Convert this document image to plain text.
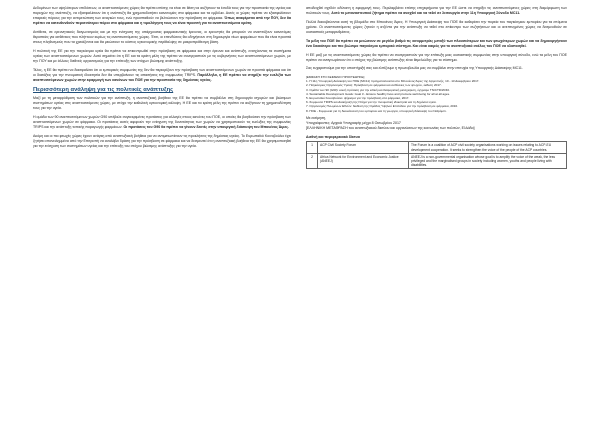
Δεδομένων των υψηλότερων επιδόσεων, οι αναπτυσσόμενες χώρες θα πρέπει επίσης να είναι σε θέση να αυξήσουν τα έσοδά τους για την προστασία της υγείας και παροχών της ανάπτυξη, να εξασφαλίσουν ότι η ανάπτυξη θα χρηματοδοτήσει καινοτομίες στα φάρμακα και τα εμβόλια. Αυτές οι χώρες πρέπει να εξασφαλίσουν επαρκείς πόρους για την αντιμετώπιση των αναγκών τους, ενώ προσπαθούν να βελτιώσουν την πρόσβαση σε φάρμακα. Όπως αναφέρεται από την ΠΟΥ, δεν θα πρέπει να κατευθυνθούν περισσότεροι πόροι στα φάρμακα και η τιμολόγηση τους να είναι προσιτή για τα αναπτυσσόμενα κράτη.

Αντίθετα, σε ερευνητικούς διαγωνισμούς και με την ενίσχυση της υπάρχουσας φαρμακευτικής έρευνας, οι ερευνητές θα μπορούν να αναπτύξουν καινοτόμες θεραπείες για ασθένειες που πλήττουν κυρίως τις αναπτυσσόμενες χώρες. Έτσι, οι επενδύσεις θα οδηγήσουν στη δημιουργία νέων φαρμάκων που θα είναι προσιτά στους πληθυσμούς που τα χρειάζονται και θα μειώσουν το κόστος υγειονομικής περίθαλψης σε μακροπρόθεσμη βάση.

Η πολιτική της ΕΕ για την παγκόσμια υγεία θα πρέπει να επικεντρωθεί στην πρόσβαση σε φάρμακα και στην έρευνα και ανάπτυξη, ενισχύοντας τα συστήματα υγείας των αναπτυσσόμενων χωρών. Αυτό σημαίνει ότι η ΕΕ και τα κράτη μέλη της πρέπει να συνεργαστούν με τις κυβερνήσεις των αναπτυσσόμενων χωρών, με την ΠΟΥ και με άλλους διεθνείς οργανισμούς για την επίτευξη των στόχων βιώσιμης ανάπτυξης.

Τέλος, η ΕΕ θα πρέπει να διασφαλίσει ότι οι εμπορικές συμφωνίες της δεν θα περιορίζουν την πρόσβαση των αναπτυσσόμενων χωρών σε προσιτά φάρμακα και ότι οι διατάξεις για την πνευματική ιδιοκτησία δεν θα υπερβαίνουν τις απαιτήσεις της συμφωνίας TRIPS. Παράλληλα, η ΕΕ πρέπει να στηρίξει την ευελιξία των αναπτυσσόμενων χωρών στην εφαρμογή των κανόνων του ΠΟΕ για την προστασία της δημόσιας υγείας.

Περισσότερη ανάληψη για τις πολιτικές ανάπτυξης

Μαζί με τη μεταρρύθμιση των πολιτικών για την ανάπτυξη, η αναπτυξιακή βοήθεια της ΕΕ θα πρέπει να συμβάλλει στη δημιουργία ισχυρών και βιώσιμων συστημάτων υγείας στις αναπτυσσόμενες χώρες, με στόχο την καθολική υγειονομική κάλυψη. Η ΕΕ και τα κράτη μέλη της πρέπει να αυξήσουν τη χρηματοδότηση τους για την υγεία.

Η ομάδα των 90 αναπτυσσόμενων χωρών G90 υπέβαλε συγκεκριμένες προτάσεις για αλλαγές στους κανόνες του ΠΟΕ, οι οποίες θα βοηθούσαν την πρόσβαση των αναπτυσσόμενων χωρών σε φάρμακα. Οι προτάσεις αυτές αφορούν την ενίσχυση της δυνατότητας των χωρών να χρησιμοποιούν τις ευελιξίες της συμφωνίας TRIPS και την ανάπτυξη τοπικής παραγωγής φαρμάκων. Οι προτάσεις του G90 θα πρέπει να γίνουν δεκτές στην υπουργική διάσκεψη του Μπουένος Άιρες.

Ακόμη και οι πιο φτωχές χώρες έχουν ανάγκη από αναπτυξιακή βοήθεια για να αντιμετωπίσουν τις προκλήσεις της δημόσιας υγείας. Το Ευρωπαϊκό Κοινοβούλιο έχει ζητήσει επανειλημμένα από την Επιτροπή να αναλάβει δράση για την πρόσβαση σε φάρμακα και να δεσμευτεί ότι η αναπτυξιακή βοήθεια της ΕΕ θα χρησιμοποιηθεί για την ενίσχυση των συστημάτων υγείας και την επίτευξη του στόχου βιώσιμης ανάπτυξης για την υγεία.

αποδειχθεί σχεδόν αδύνατη η εφαρμογή τους. Περιλαμβάνει επίσης επιχειρήματα για την ΕΕ ώστε να στηρίξει τις αναπτυσσόμενες χώρες στη διαμόρφωση των πολιτικών τους. Αυτό το μεταναστευτικό ζήτημα πρέπει να αναχθεί και να τεθεί σε λειτουργία στην 11η Υπουργική Σύνοδο MC11.

Πολλά διακυβεύονται αυτή τη βδομάδα στο Μπουένος Άιρες. Η Υπουργική Διάσκεψη του ΠΟΕ θα καθορίσει την πορεία του παγκόσμιου εμπορίου για τα επόμενα χρόνια. Οι αναπτυσσόμενες χώρες ζητούν η ατζέντα για την ανάπτυξη να τεθεί στο επίκεντρο των συζητήσεων και οι ανεπτυγμένες χώρες να δεσμευθούν σε ουσιαστικές μεταρρυθμίσεις.

Τα μέλη του ΠΟΕ θα πρέπει να μειώσουν σε μεγάλο βαθμό τις ασυμμετρίες μεταξύ των πλουσιότερων και των φτωχότερων χωρών και να δημιουργήσουν ένα δικαιότερο και πιο βιώσιμο παγκόσμιο εμπορικό σύστημα. Και είναι καιρός για το αναπτυξιακό σκέλος του ΠΟΕ να υλοποιηθεί.

Η ΕΕ μαζί με τις αναπτυσσόμενες χώρες θα πρέπει να συνεργαστούν για την επίτευξη μιας ουσιαστικής συμφωνίας στην υπουργική σύνοδο, ενώ τα μέλη του ΠΟΕ πρέπει να αναγνωρίσουν ότι ο στόχος της βιώσιμης ανάπτυξης είναι θεμελιώδης για το σύστημα.

Σας ευχαριστούμε για την υποστήριξή σας και ελπίζουμε η πρωτοβουλία μας να συμβάλει στην επιτυχία της Υπουργικής Διάσκεψης MC11.

[ΕΜΦΑΣΗ ΣΤΟ ΚΕΙΜΕΝΟ ΠΡΟΣΤΕΘΗΚΕ]
1. Η 11η Υπουργική Διάσκεψη του ΠΟΕ (MC11) πραγματοποιείται στο Μπουένος Άιρες της Αργεντινής, 10 - 13 Δεκεμβρίου 2017.
2. Παγκόσμιος Οργανισμός Υγείας: Πρόσβαση σε φάρμακα και ασθένειες των φτωχών, έκθεση 2017.
3. Ομάδα των 90 (G90): κοινή πρόταση για την ειδική και διαφορετική μεταχείριση, έγγραφο TN/CTD/W/40.
4. Sustainable Development Goals: Goal 3 - Ensure healthy lives and promote well-being for all at all ages.
5. Ευρωπαϊκό Κοινοβούλιο: ψήφισμα για την πρόσβαση στα φάρμακα, 2017.
6. Συμφωνία TRIPS και Διακήρυξη της Ντόχα για την πνευματική ιδιοκτησία και τη δημόσια υγεία.
7. Οργανισμός Ηνωμένων Εθνών: Έκθεση της Ομάδας Υψηλού Επιπέδου για την πρόσβαση σε φάρμακα, 2016.
8. ΠΟΕ - Συμφωνία για τη διευκόλυνση του εμπορίου και τη γεωργία, υπουργική διάσκεψη του Ναϊρόμπι.

Με εκτίμηση,

Υπογράφοντες: Αρχικά Υπογραφής μέχρι 8 Οκτωβρίου 2017

[ΕΛΛΗΝΙΚΗ ΜΕΤΑΦΡΑΣΗ του αναπτυξιακού δικτύου και οργανώσεων της κοινωνίας των πολιτών, Ελλάδα]

Διεθνή και περιφερειακά δίκτυα
1	ACP Civil Society Forum	The Forum is a coalition of ACP civil society organisations working on issues relating to ACP-EU development cooperation. It seeks to strengthen the voice of the people of the ACP countries.
2	Africa Network for Environment and Economic Justice (ANEEJ)	ANEEJ is a non-governmental organisation whose goal is to amplify the voice of the weak, the less privileged and the marginalised groups in society including women, youths and people living with disabilities.
